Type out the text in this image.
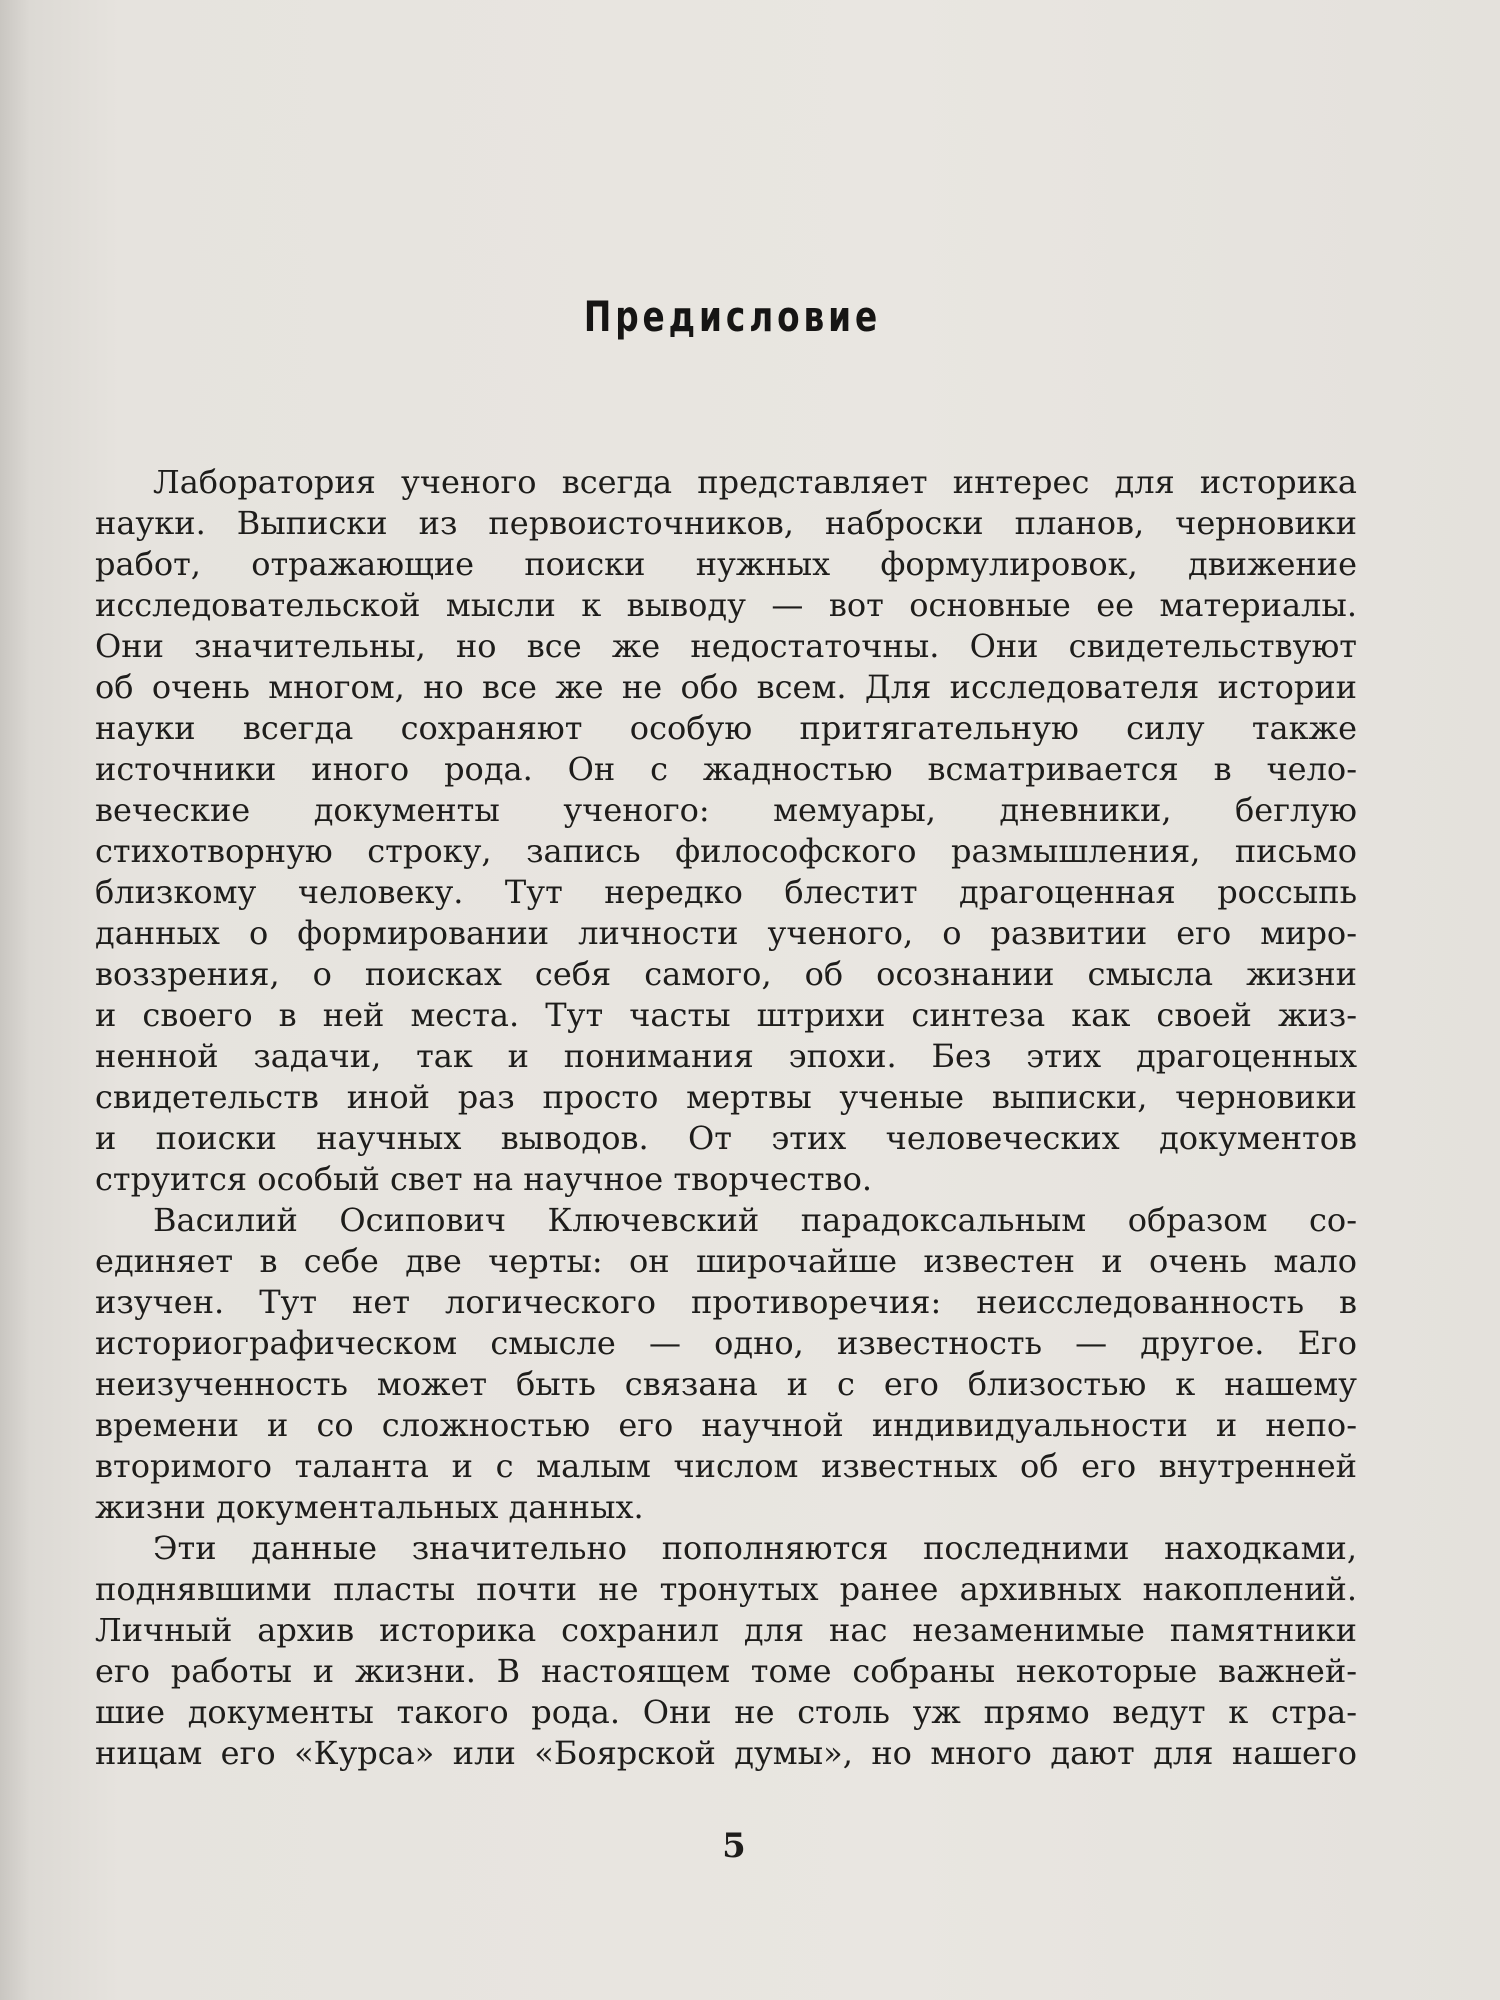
Предисловие
Лаборатория ученого всегда представляет интерес для историка
науки. Выписки из первоисточников, наброски планов, черновики
работ, отражающие поиски нужных формулировок, движение
исследовательской мысли к выводу — вот основные ее материалы.
Они значительны, но все же недостаточны. Они свидетельствуют
об очень многом, но все же не обо всем. Для исследователя истории
науки всегда сохраняют особую притягательную силу также
источники иного рода. Он с жадностью всматривается в чело-
веческие документы ученого: мемуары, дневники, беглую
стихотворную строку, запись философского размышления, письмо
близкому человеку. Тут нередко блестит драгоценная россыпь
данных о формировании личности ученого, о развитии его миро-
воззрения, о поисках себя самого, об осознании смысла жизни
и своего в ней места. Тут часты штрихи синтеза как своей жиз-
ненной задачи, так и понимания эпохи. Без этих драгоценных
свидетельств иной раз просто мертвы ученые выписки, черновики
и поиски научных выводов. От этих человеческих документов
струится особый свет на научное творчество.
Василий Осипович Ключевский парадоксальным образом со-
единяет в себе две черты: он широчайше известен и очень мало
изучен. Тут нет логического противоречия: неисследованность в
историографическом смысле — одно, известность — другое. Его
неизученность может быть связана и с его близостью к нашему
времени и со сложностью его научной индивидуальности и непо-
вторимого таланта и с малым числом известных об его внутренней
жизни документальных данных.
Эти данные значительно пополняются последними находками,
поднявшими пласты почти не тронутых ранее архивных накоплений.
Личный архив историка сохранил для нас незаменимые памятники
его работы и жизни. В настоящем томе собраны некоторые важней-
шие документы такого рода. Они не столь уж прямо ведут к стра-
ницам его «Курса» или «Боярской думы», но много дают для нашего
5
